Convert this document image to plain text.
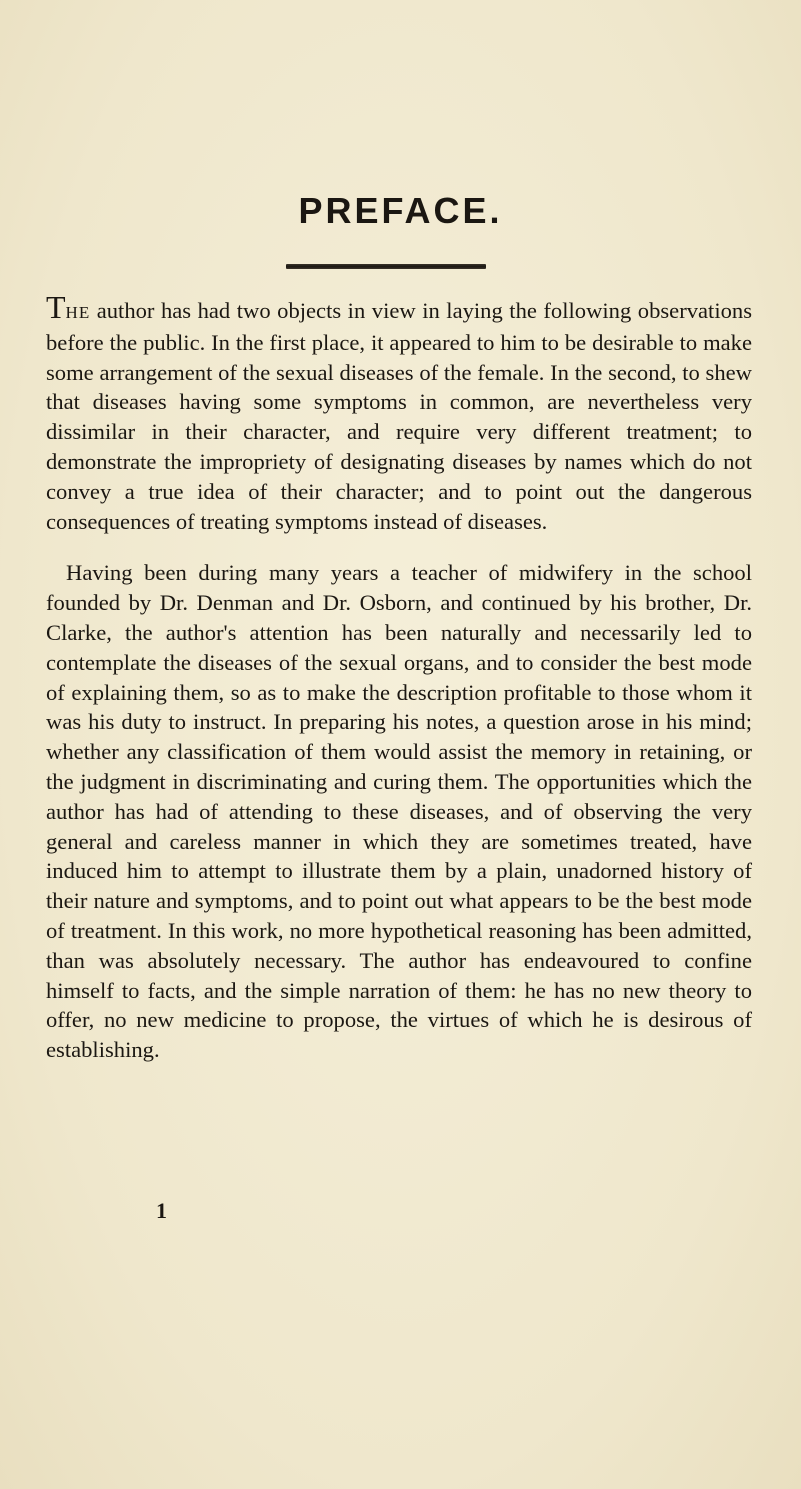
PREFACE.

THE author has had two objects in view in laying the following observations before the public. In the first place, it appeared to him to be desirable to make some arrangement of the sexual diseases of the female. In the second, to shew that diseases having some symptoms in common, are nevertheless very dissimilar in their character, and require very different treatment; to demonstrate the impropriety of designating diseases by names which do not convey a true idea of their character; and to point out the dangerous consequences of treating symptoms instead of diseases.

Having been during many years a teacher of midwifery in the school founded by Dr. Denman and Dr. Osborn, and continued by his brother, Dr. Clarke, the author's attention has been naturally and necessarily led to contemplate the diseases of the sexual organs, and to consider the best mode of explaining them, so as to make the description profitable to those whom it was his duty to instruct. In preparing his notes, a question arose in his mind; whether any classification of them would assist the memory in retaining, or the judgment in discriminating and curing them. The opportunities which the author has had of attending to these diseases, and of observing the very general and careless manner in which they are sometimes treated, have induced him to attempt to illustrate them by a plain, unadorned history of their nature and symptoms, and to point out what appears to be the best mode of treatment. In this work, no more hypothetical reasoning has been admitted, than was absolutely necessary. The author has endeavoured to confine himself to facts, and the simple narration of them: he has no new theory to offer, no new medicine to propose, the virtues of which he is desirous of establishing.

1
